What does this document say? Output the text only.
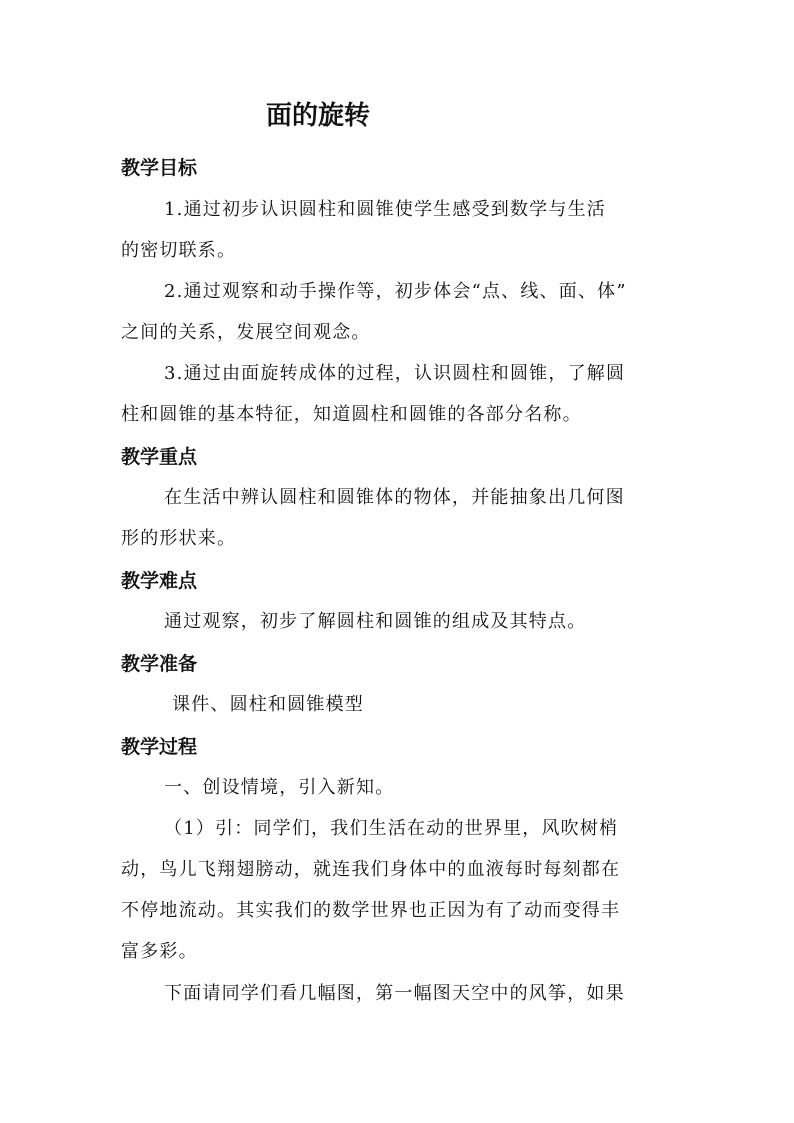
面的旋转
教学目标

1.通过初步认识圆柱和圆锥使学生感受到数学与生活

的密切联系。

2.通过观察和动手操作等，初步体会“点、线、面、体”

之间的关系，发展空间观念。

3.通过由面旋转成体的过程，认识圆柱和圆锥，了解圆

柱和圆锥的基本特征，知道圆柱和圆锥的各部分名称。

教学重点

在生活中辨认圆柱和圆锥体的物体，并能抽象出几何图

形的形状来。

教学难点

通过观察，初步了解圆柱和圆锥的组成及其特点。

教学准备

课件、圆柱和圆锥模型

教学过程

一、创设情境，引入新知。

（1）引：同学们，我们生活在动的世界里，风吹树梢

动，鸟儿飞翔翅膀动，就连我们身体中的血液每时每刻都在

不停地流动。其实我们的数学世界也正因为有了动而变得丰

富多彩。

下面请同学们看几幅图，第一幅图天空中的风筝，如果
